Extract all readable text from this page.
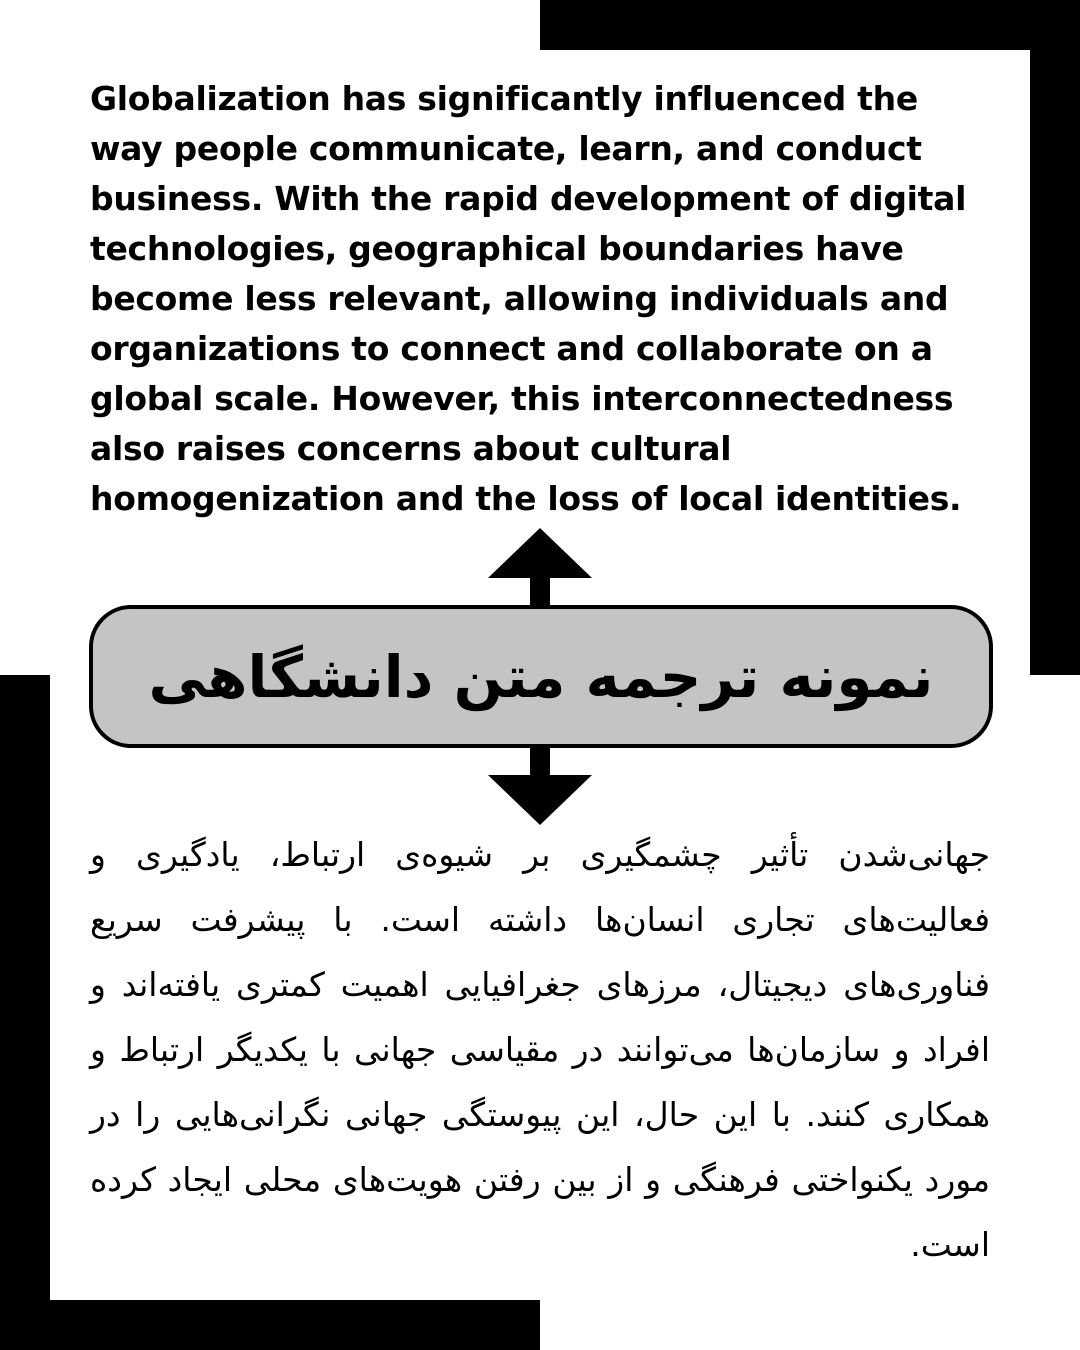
Globalization has significantly influenced the way people communicate, learn, and conduct business. With the rapid development of digital technologies, geographical boundaries have become less relevant, allowing individuals and organizations to connect and collaborate on a global scale. However, this interconnectedness also raises concerns about cultural homogenization and the loss of local identities.
نمونه ترجمه متن دانشگاهی
جهانی‌شدن تأثیر چشمگیری بر شیوه‌ی ارتباط، یادگیری و فعالیت‌های تجاری انسان‌ها داشته است. با پیشرفت سریع فناوری‌های دیجیتال، مرزهای جغرافیایی اهمیت کمتری یافته‌اند و افراد و سازمان‌ها می‌توانند در مقیاسی جهانی با یکدیگر ارتباط و همکاری کنند. با این حال، این پیوستگی جهانی نگرانی‌هایی را در مورد یکنواختی فرهنگی و از بین رفتن هویت‌های محلی ایجاد کرده است.
